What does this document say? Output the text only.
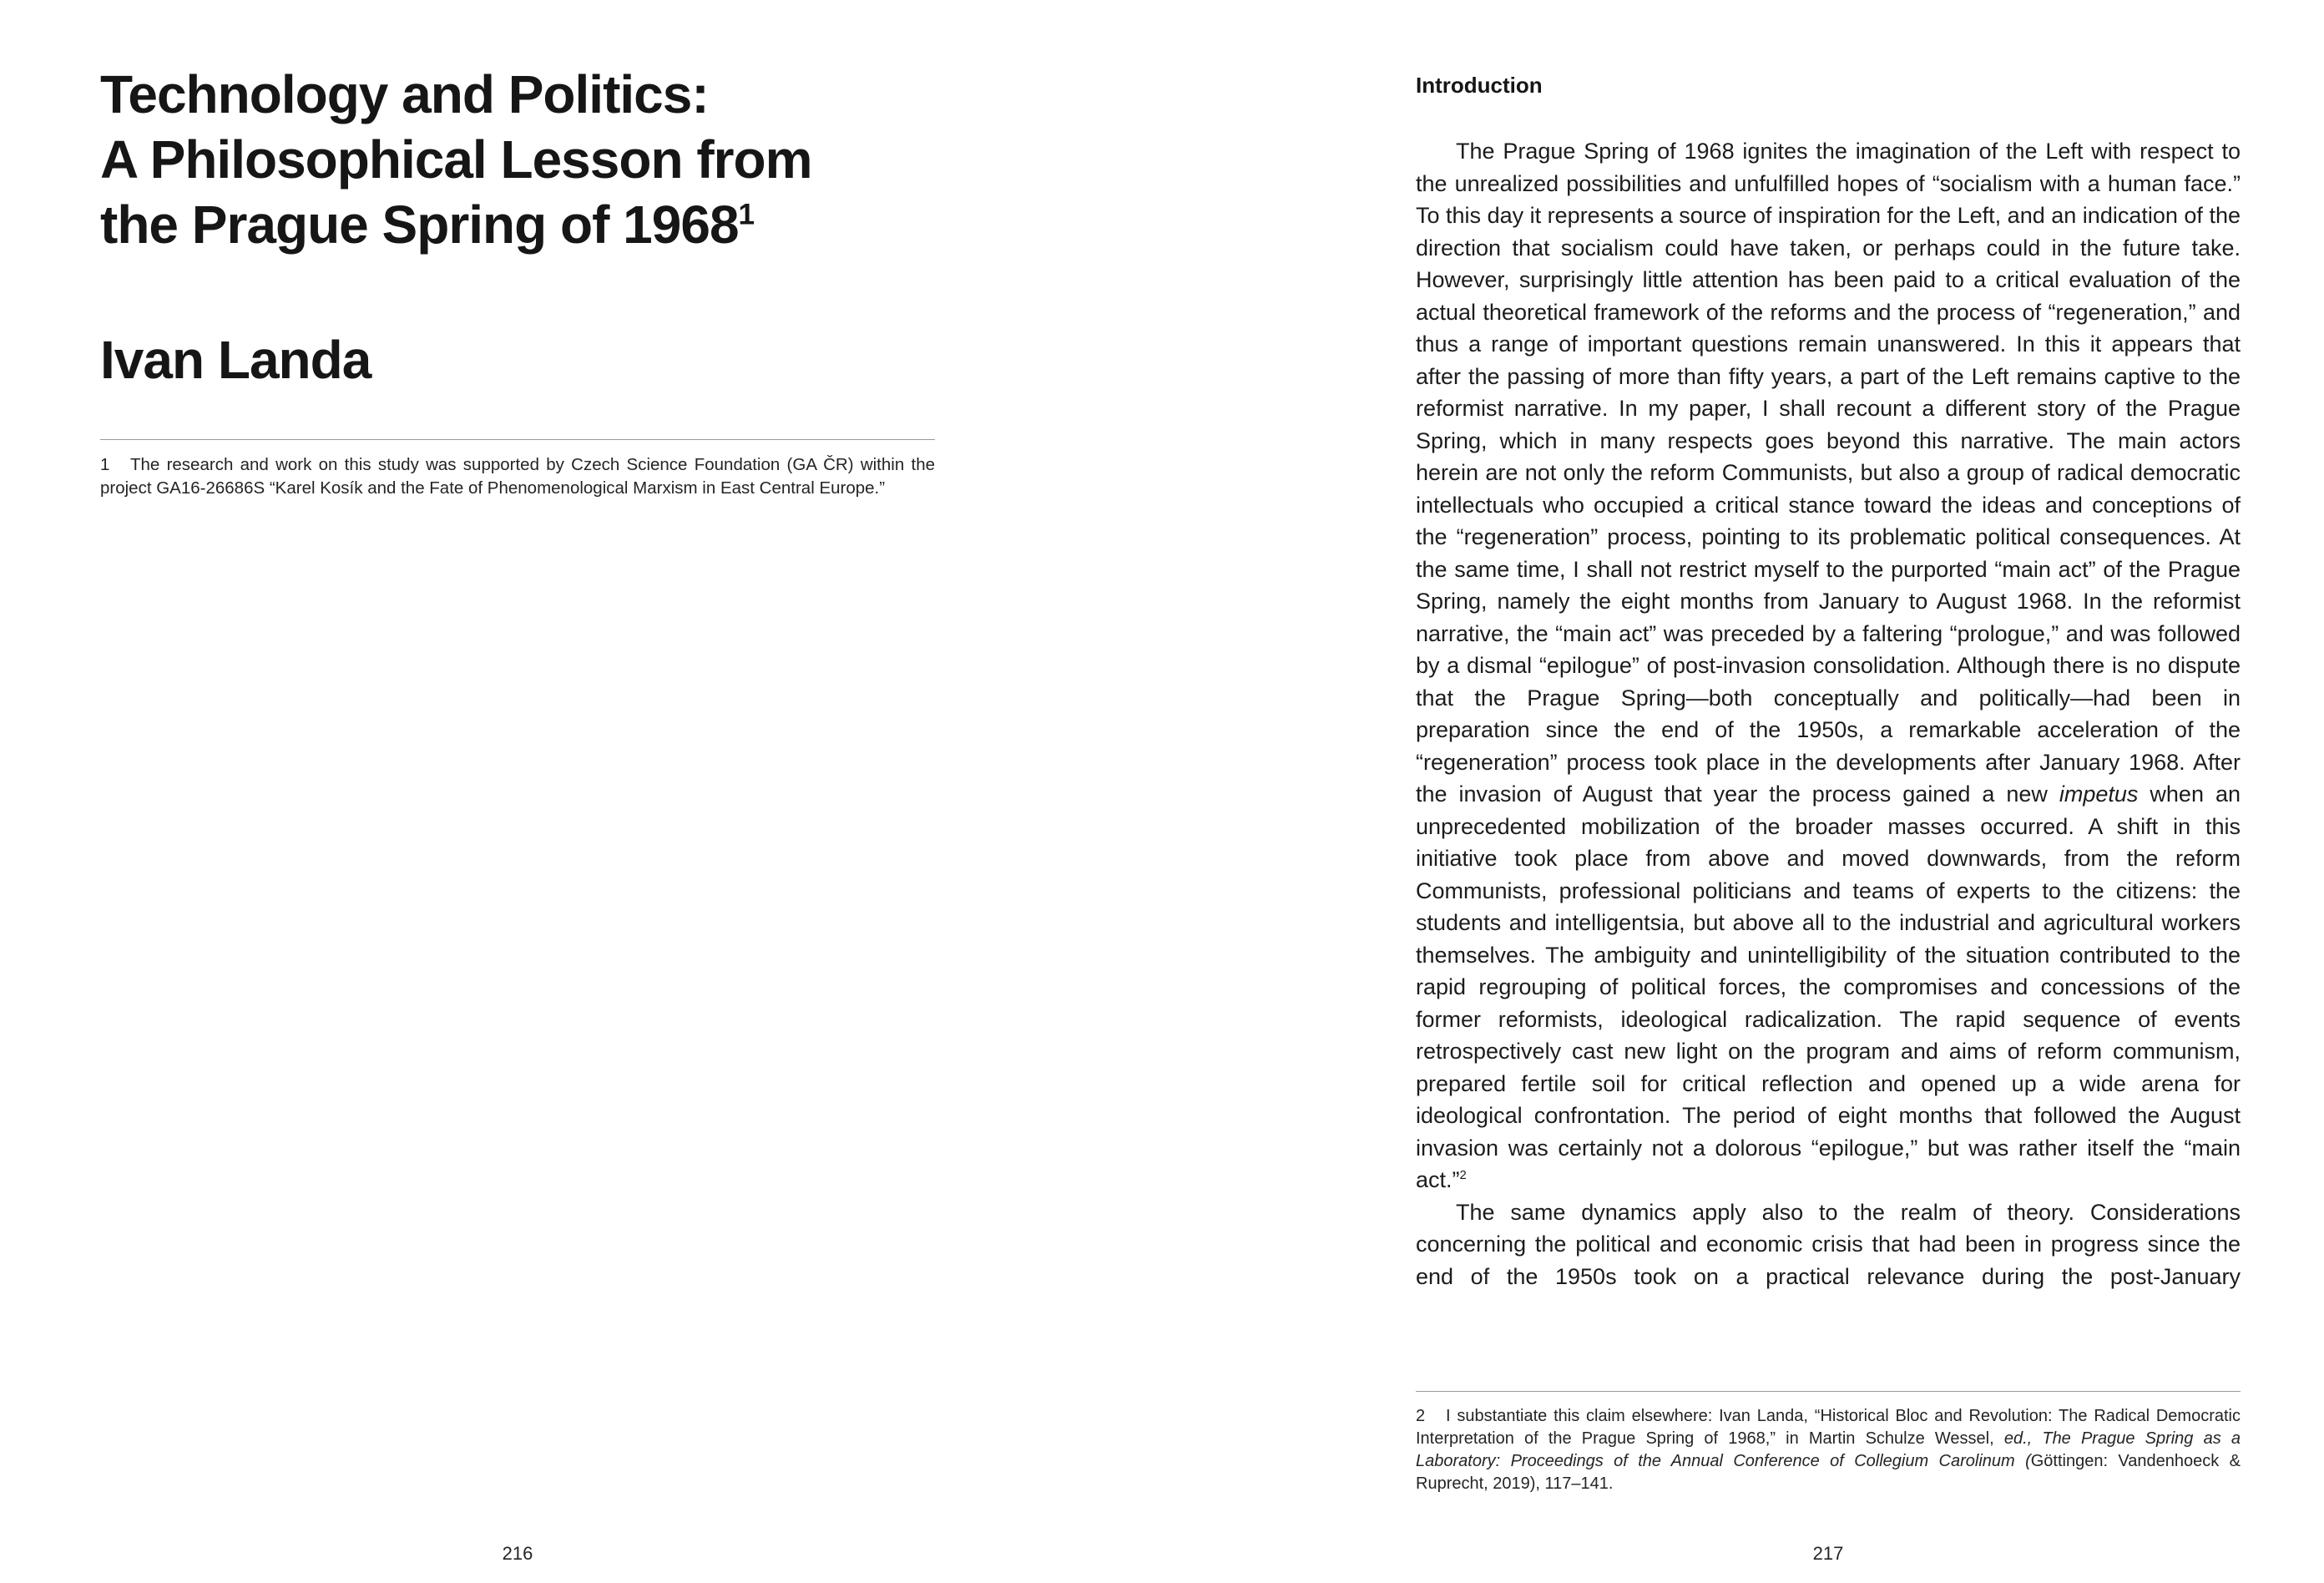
Technology and Politics:
A Philosophical Lesson from
the Prague Spring of 1968$^1$
Ivan Landa

1 The research and work on this study was supported by Czech Science Foundation (GA ČR) within the project GA16-26686S “Karel Kosík and the Fate of Phenomenological Marxism in East Central Europe.”

216
Introduction

The Prague Spring of 1968 ignites the imagination of the Left with respect to the unrealized possibilities and unfulfilled hopes of “socialism with a human face.” To this day it represents a source of inspiration for the Left, and an indication of the direction that socialism could have taken, or perhaps could in the future take. However, surprisingly little attention has been paid to a critical evaluation of the actual theoretical framework of the reforms and the process of “regeneration,” and thus a range of important questions remain unanswered. In this it appears that after the passing of more than fifty years, a part of the Left remains captive to the reformist narrative. In my paper, I shall recount a different story of the Prague Spring, which in many respects goes beyond this narrative. The main actors herein are not only the reform Communists, but also a group of radical democratic intellectuals who occupied a critical stance toward the ideas and conceptions of the “regeneration” process, pointing to its problematic political consequences. At the same time, I shall not restrict myself to the purported “main act” of the Prague Spring, namely the eight months from January to August 1968. In the reformist narrative, the “main act” was preceded by a faltering “prologue,” and was followed by a dismal “epilogue” of post-invasion consolidation. Although there is no dispute that the Prague Spring—both conceptually and politically—had been in preparation since the end of the 1950s, a remarkable acceleration of the “regeneration” process took place in the developments after January 1968. After the invasion of August that year the process gained a new impetus when an unprecedented mobilization of the broader masses occurred. A shift in this initiative took place from above and moved downwards, from the reform Communists, professional politicians and teams of experts to the citizens: the students and intelligentsia, but above all to the industrial and agricultural workers themselves. The ambiguity and unintelligibility of the situation contributed to the rapid regrouping of political forces, the compromises and concessions of the former reformists, ideological radicalization. The rapid sequence of events retrospectively cast new light on the program and aims of reform communism, prepared fertile soil for critical reflection and opened up a wide arena for ideological confrontation. The period of eight months that followed the August invasion was certainly not a dolorous “epilogue,” but was rather itself the “main act.”$^2$

The same dynamics apply also to the realm of theory. Considerations concerning the political and economic crisis that had been in progress since the end of the 1950s took on a practical relevance during the post-January

2 I substantiate this claim elsewhere: Ivan Landa, “Historical Bloc and Revolution: The Radical Democratic Interpretation of the Prague Spring of 1968,” in Martin Schulze Wessel, ed., The Prague Spring as a Laboratory: Proceedings of the Annual Conference of Collegium Carolinum (Göttingen: Vandenhoeck & Ruprecht, 2019), 117–141.

217
